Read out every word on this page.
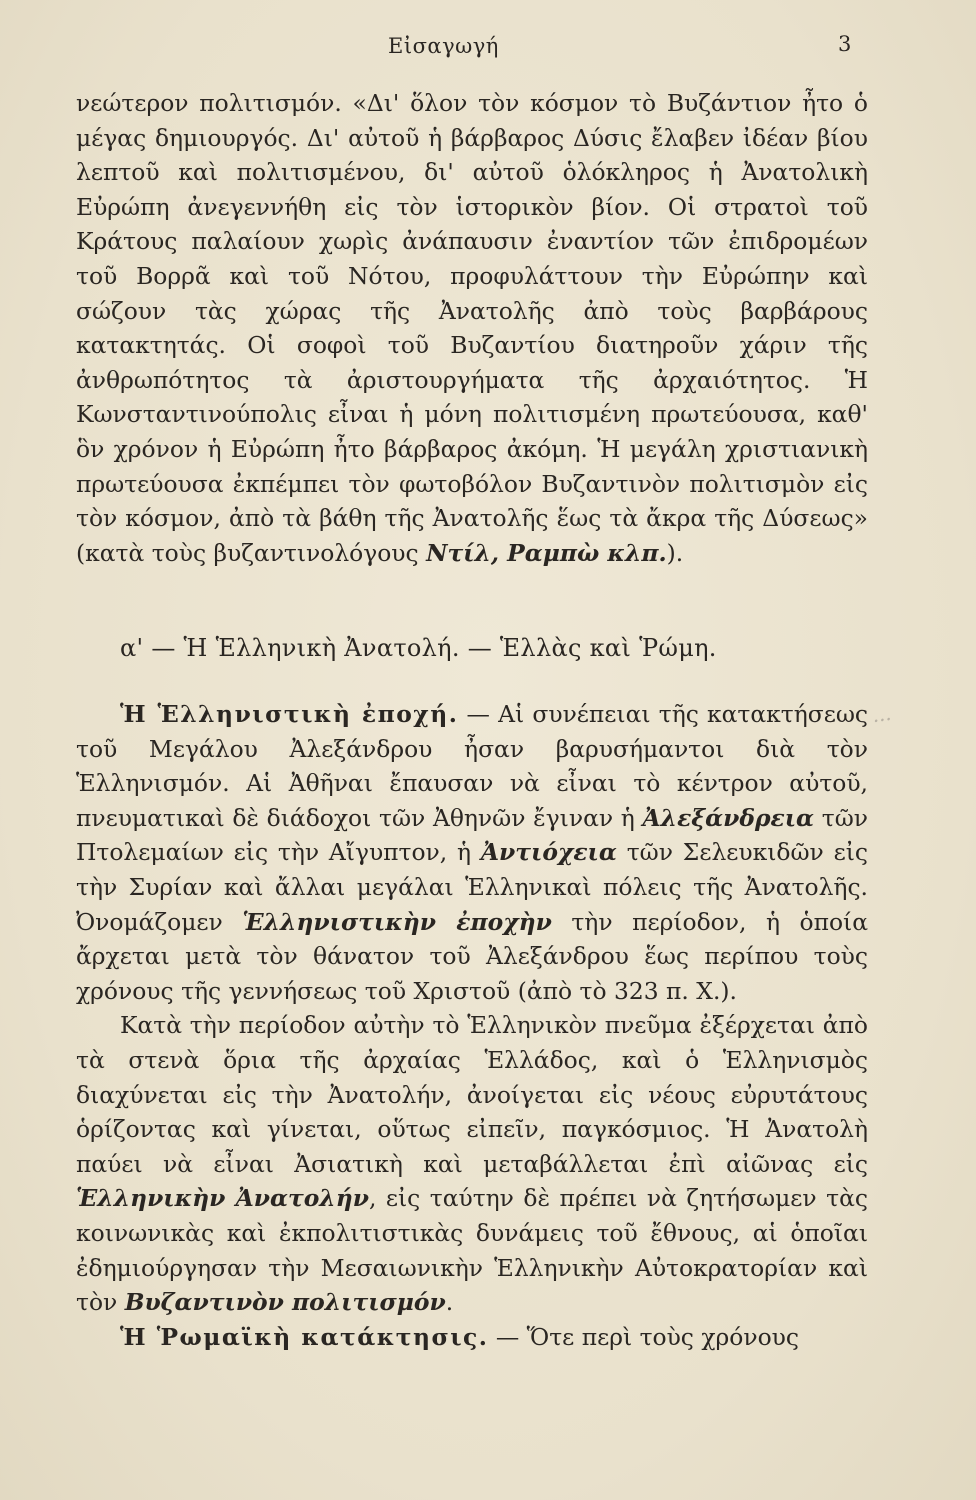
Εἰσαγωγή	3

νεώτερον πολιτισμόν. «Δι' ὅλον τὸν κόσμον τὸ Βυζάντιον ἦτο ὁ μέγας δημιουργός. Δι' αὐτοῦ ἡ βάρβαρος Δύσις ἔλαβεν ἰδέαν βίου λεπτοῦ καὶ πολιτισμένου, δι' αὐτοῦ ὁλόκληρος ἡ Ἀνατολικὴ Εὐρώπη ἀνεγεννήθη εἰς τὸν ἱστορικὸν βίον. Οἱ στρατοὶ τοῦ Κράτους παλαίουν χωρὶς ἀνάπαυσιν ἐναντίον τῶν ἐπιδρομέων τοῦ Βορρᾶ καὶ τοῦ Νότου, προφυλάττουν τὴν Εὐρώπην καὶ σώζουν τὰς χώρας τῆς Ἀνατολῆς ἀπὸ τοὺς βαρβάρους κατακτητάς. Οἱ σοφοὶ τοῦ Βυζαντίου διατηροῦν χάριν τῆς ἀνθρωπότητος τὰ ἀριστουργήματα τῆς ἀρχαιότητος. Ἡ Κωνσταντινούπολις εἶναι ἡ μόνη πολιτισμένη πρωτεύουσα, καθ' ὃν χρόνον ἡ Εὐρώπη ἦτο βάρβαρος ἀκόμη. Ἡ μεγάλη χριστιανικὴ πρωτεύουσα ἐκπέμπει τὸν φωτοβόλον Βυζαντινὸν πολιτισμὸν εἰς τὸν κόσμον, ἀπὸ τὰ βάθη τῆς Ἀνατολῆς ἕως τὰ ἄκρα τῆς Δύσεως» (κατὰ τοὺς βυζαντινολόγους Ντίλ, Ραμπὼ κλπ.).

α' — Ἡ Ἑλληνικὴ Ἀνατολή. — Ἑλλὰς καὶ Ῥώμη.

Ἡ Ἑλληνιστικὴ ἐποχή. — Αἱ συνέπειαι τῆς κατακτήσεως τοῦ Μεγάλου Ἀλεξάνδρου ἦσαν βαρυσήμαντοι διὰ τὸν Ἑλληνισμόν. Αἱ Ἀθῆναι ἔπαυσαν νὰ εἶναι τὸ κέντρον αὐτοῦ, πνευματικαὶ δὲ διάδοχοι τῶν Ἀθηνῶν ἔγιναν ἡ Ἀλεξάνδρεια τῶν Πτολεμαίων εἰς τὴν Αἴγυπτον, ἡ Ἀντιόχεια τῶν Σελευκιδῶν εἰς τὴν Συρίαν καὶ ἄλλαι μεγάλαι Ἑλληνικαὶ πόλεις τῆς Ἀνατολῆς. Ὀνομάζομεν Ἑλληνιστικὴν ἐποχὴν τὴν περίοδον, ἡ ὁποία ἄρχεται μετὰ τὸν θάνατον τοῦ Ἀλεξάνδρου ἕως περίπου τοὺς χρόνους τῆς γεννήσεως τοῦ Χριστοῦ (ἀπὸ τὸ 323 π. Χ.).

Κατὰ τὴν περίοδον αὐτὴν τὸ Ἑλληνικὸν πνεῦμα ἐξέρχεται ἀπὸ τὰ στενὰ ὅρια τῆς ἀρχαίας Ἑλλάδος, καὶ ὁ Ἑλληνισμὸς διαχύνεται εἰς τὴν Ἀνατολήν, ἀνοίγεται εἰς νέους εὐρυτάτους ὁρίζοντας καὶ γίνεται, οὕτως εἰπεῖν, παγκόσμιος. Ἡ Ἀνατολὴ παύει νὰ εἶναι Ἀσιατικὴ καὶ μεταβάλλεται ἐπὶ αἰῶνας εἰς Ἑλληνικὴν Ἀνατολήν, εἰς ταύτην δὲ πρέπει νὰ ζητήσωμεν τὰς κοινωνικὰς καὶ ἐκπολιτιστικὰς δυνάμεις τοῦ ἔθνους, αἱ ὁποῖαι ἐδημιούργησαν τὴν Μεσαιωνικὴν Ἑλληνικὴν Αὐτοκρατορίαν καὶ τὸν Βυζαντινὸν πολιτισμόν.

Ἡ Ῥωμαϊκὴ κατάκτησις. — Ὅτε περὶ τοὺς χρόνους

...
